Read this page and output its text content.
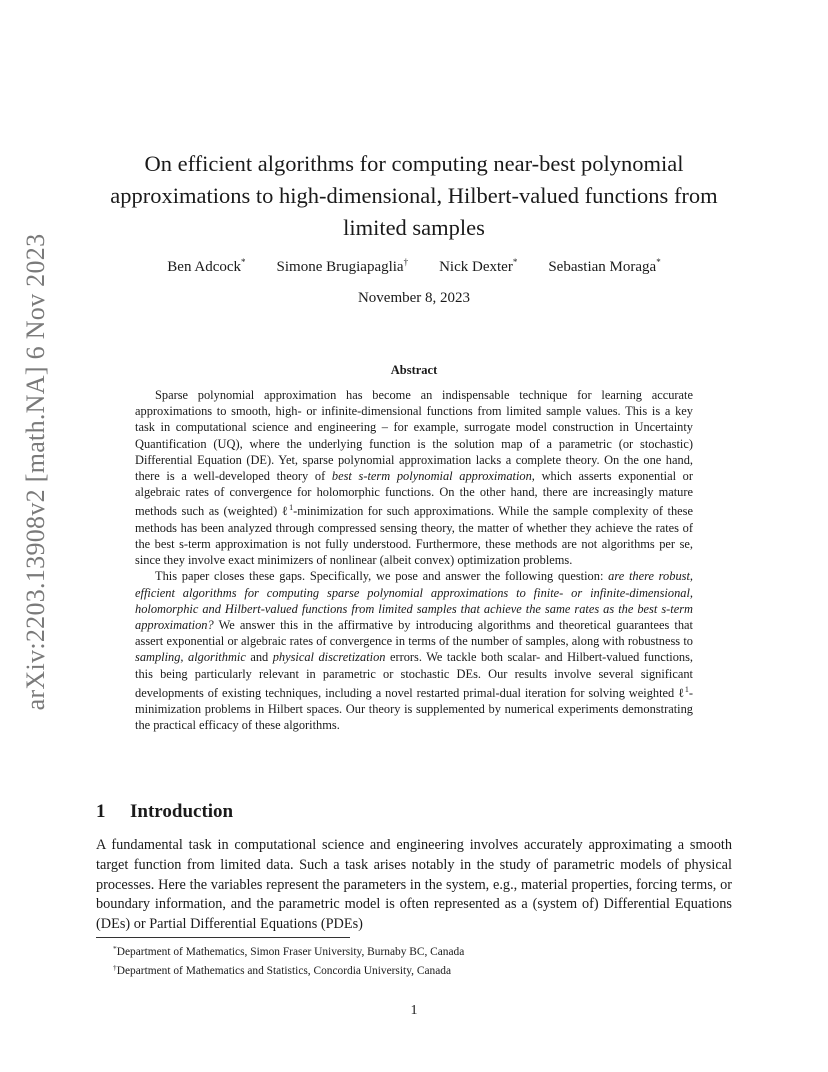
arXiv:2203.13908v2 [math.NA] 6 Nov 2023
On efficient algorithms for computing near-best polynomial
approximations to high-dimensional, Hilbert-valued functions from
limited samples
Ben Adcock* Simone Brugiapaglia† Nick Dexter* Sebastian Moraga*
November 8, 2023
Abstract

Sparse polynomial approximation has become an indispensable technique for learning accurate approximations to smooth, high- or infinite-dimensional functions from limited sample values. This is a key task in computational science and engineering – for example, surrogate model construction in Uncertainty Quantification (UQ), where the underlying function is the solution map of a parametric (or stochastic) Differential Equation (DE). Yet, sparse polynomial approximation lacks a complete theory. On the one hand, there is a well-developed theory of best s-term polynomial approximation, which asserts exponential or algebraic rates of convergence for holomorphic functions. On the other hand, there are increasingly mature methods such as (weighted) ℓ$^1$-minimization for such approximations. While the sample complexity of these methods has been analyzed through compressed sensing theory, the matter of whether they achieve the rates of the best s-term approximation is not fully understood. Furthermore, these methods are not algorithms per se, since they involve exact minimizers of nonlinear (albeit convex) optimization problems.

This paper closes these gaps. Specifically, we pose and answer the following question: are there robust, efficient algorithms for computing sparse polynomial approximations to finite- or infinite-dimensional, holomorphic and Hilbert-valued functions from limited samples that achieve the same rates as the best s-term approximation? We answer this in the affirmative by introducing algorithms and theoretical guarantees that assert exponential or algebraic rates of convergence in terms of the number of samples, along with robustness to sampling, algorithmic and physical discretization errors. We tackle both scalar- and Hilbert-valued functions, this being particularly relevant in parametric or stochastic DEs. Our results involve several significant developments of existing techniques, including a novel restarted primal-dual iteration for solving weighted ℓ$^1$-minimization problems in Hilbert spaces. Our theory is supplemented by numerical experiments demonstrating the practical efficacy of these algorithms.

1 Introduction

A fundamental task in computational science and engineering involves accurately approximating a smooth target function from limited data. Such a task arises notably in the study of parametric models of physical processes. Here the variables represent the parameters in the system, e.g., material properties, forcing terms, or boundary information, and the parametric model is often represented as a (system of) Differential Equations (DEs) or Partial Differential Equations (PDEs)

*Department of Mathematics, Simon Fraser University, Burnaby BC, Canada
†Department of Mathematics and Statistics, Concordia University, Canada
1
